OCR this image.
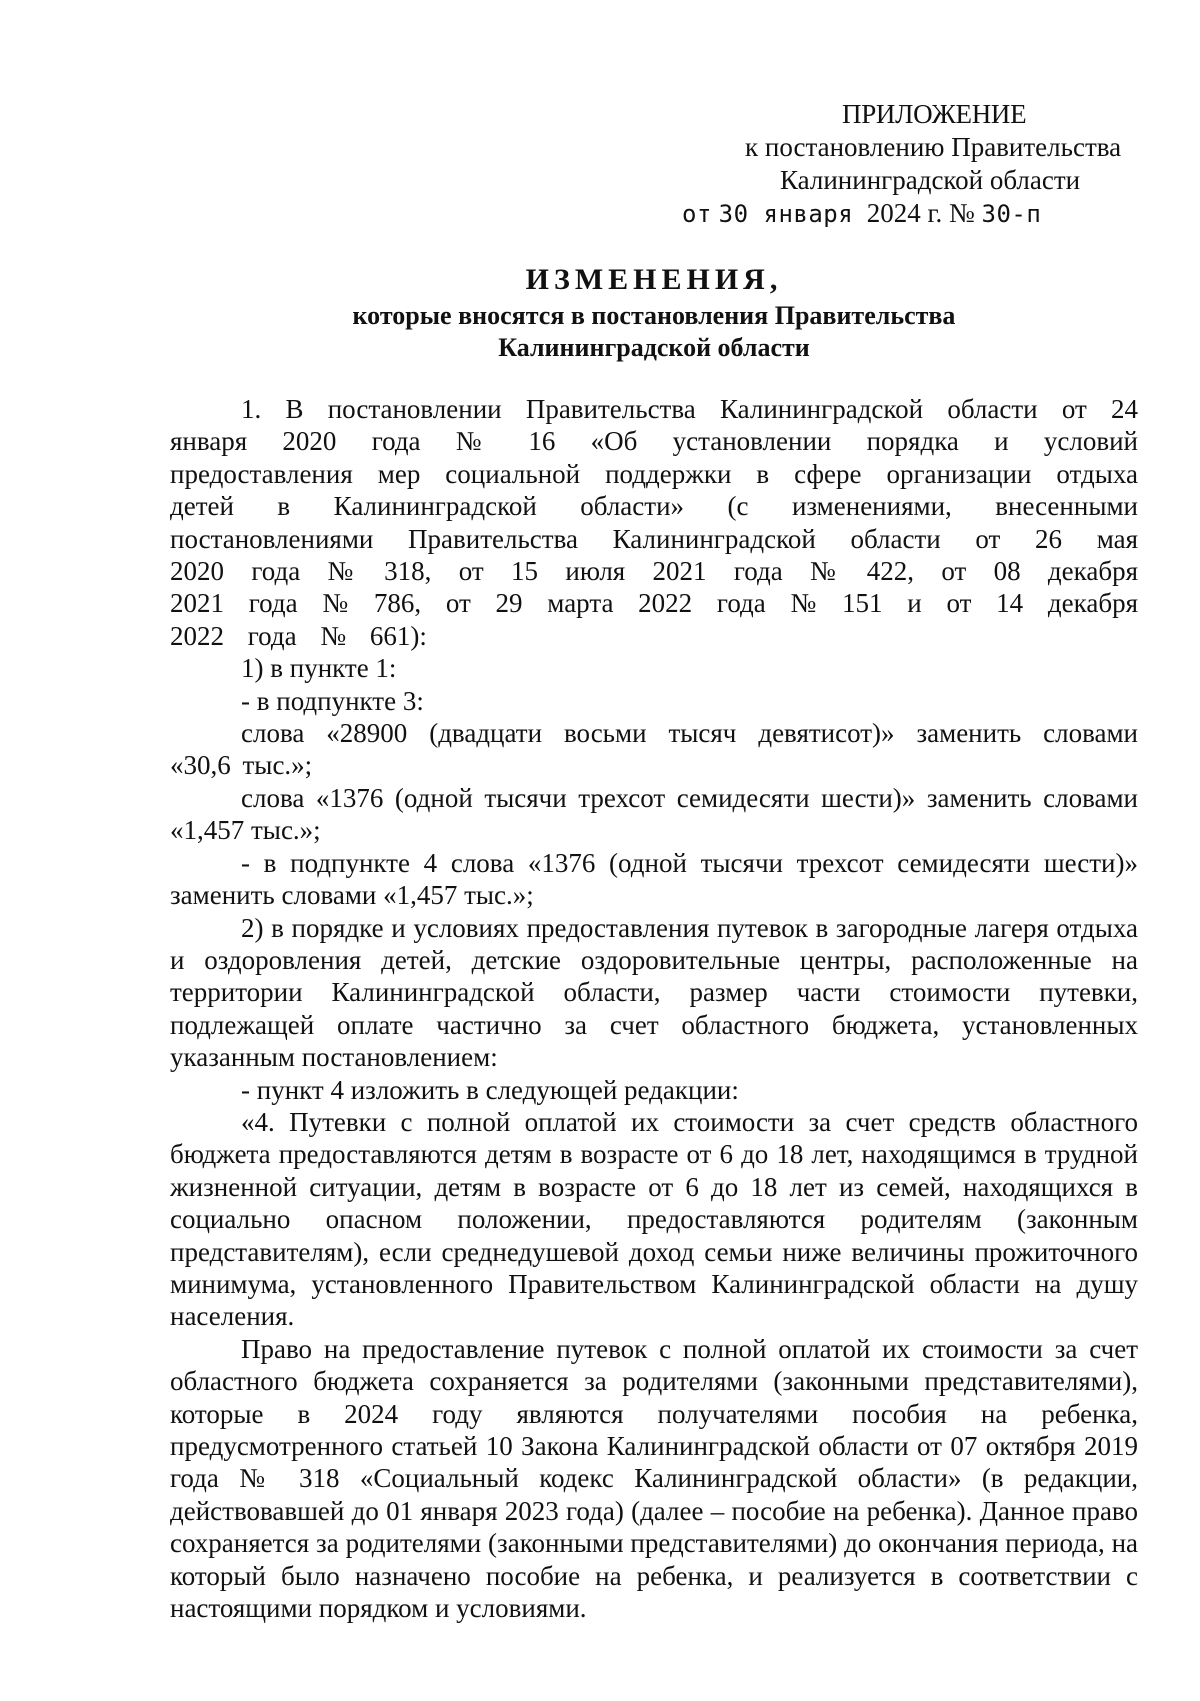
ПРИЛОЖЕНИЕ
к постановлению Правительства
Калининградской области
от 30 января 2024 г. № 30-п
ИЗМЕНЕНИЯ,
которые вносятся в постановления Правительства
Калининградской области

1. В постановлении Правительства Калининградской области от 24 января 2020 года № 16 «Об установлении порядка и условий предоставления мер социальной поддержки в сфере организации отдыха детей в Калининградской области» (с изменениями, внесенными постановлениями Правительства Калининградской области от 26 мая 2020 года № 318, от 15 июля 2021 года № 422, от 08 декабря 2021 года № 786, от 29 марта 2022 года № 151 и от 14 декабря 2022 года № 661):

1) в пункте 1:

- в подпункте 3:

слова «28900 (двадцати восьми тысяч девятисот)» заменить словами «30,6 тыс.»;

слова «1376 (одной тысячи трехсот семидесяти шести)» заменить словами «1,457 тыс.»;

- в подпункте 4 слова «1376 (одной тысячи трехсот семидесяти шести)» заменить словами «1,457 тыс.»;

2) в порядке и условиях предоставления путевок в загородные лагеря отдыха и оздоровления детей, детские оздоровительные центры, расположенные на территории Калининградской области, размер части стоимости путевки, подлежащей оплате частично за счет областного бюджета, установленных указанным постановлением:

- пункт 4 изложить в следующей редакции:

«4. Путевки с полной оплатой их стоимости за счет средств областного бюджета предоставляются детям в возрасте от 6 до 18 лет, находящимся в трудной жизненной ситуации, детям в возрасте от 6 до 18 лет из семей, находящихся в социально опасном положении, предоставляются родителям (законным представителям), если среднедушевой доход семьи ниже величины прожиточного минимума, установленного Правительством Калининградской области на душу населения.

Право на предоставление путевок с полной оплатой их стоимости за счет областного бюджета сохраняется за родителями (законными представителями), которые в 2024 году являются получателями пособия на ребенка, предусмотренного статьей 10 Закона Калининградской области от 07 октября 2019 года № 318 «Социальный кодекс Калининградской области» (в редакции, действовавшей до 01 января 2023 года) (далее – пособие на ребенка). Данное право сохраняется за родителями (законными представителями) до окончания периода, на который было назначено пособие на ребенка, и реализуется в соответствии с настоящими порядком и условиями.
